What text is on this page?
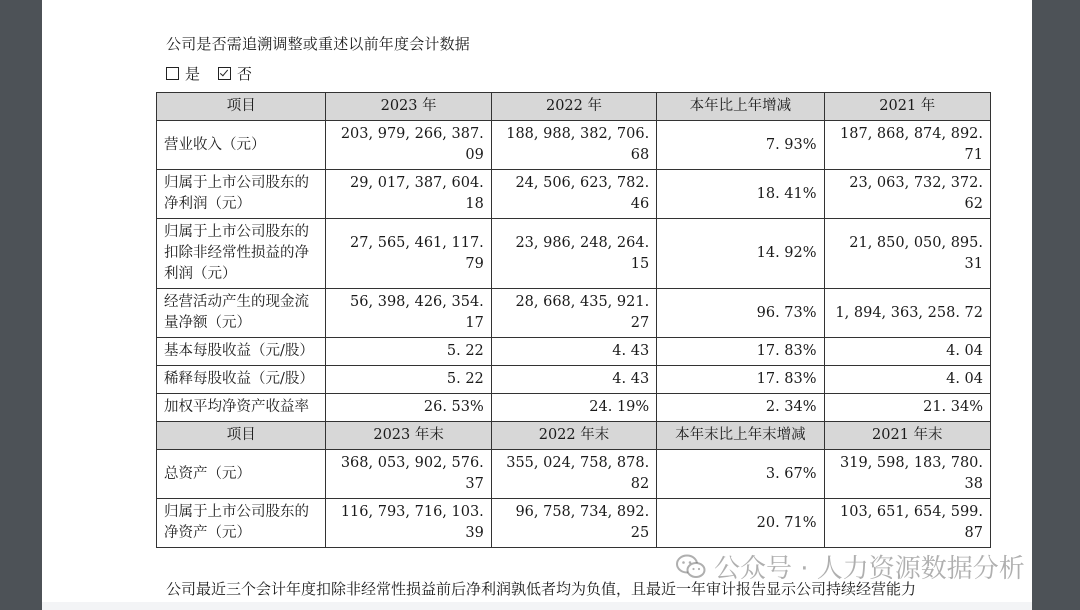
公司是否需追溯调整或重述以前年度会计数据
是 否
项目	2023 年	2022 年	本年比上年增减	2021 年
营业收入（元）	203, 979, 266, 387. 09	188, 988, 382, 706. 68	7. 93%	187, 868, 874, 892. 71
归属于上市公司股东的净利润（元）	29, 017, 387, 604. 18	24, 506, 623, 782. 46	18. 41%	23, 063, 732, 372. 62
归属于上市公司股东的扣除非经常性损益的净利润（元）	27, 565, 461, 117. 79	23, 986, 248, 264. 15	14. 92%	21, 850, 050, 895. 31
经营活动产生的现金流量净额（元）	56, 398, 426, 354. 17	28, 668, 435, 921. 27	96. 73%	1, 894, 363, 258. 72
基本每股收益（元/股）	5. 22	4. 43	17. 83%	4. 04
稀释每股收益（元/股）	5. 22	4. 43	17. 83%	4. 04
加权平均净资产收益率	26. 53%	24. 19%	2. 34%	21. 34%
项目	2023 年末	2022 年末	本年末比上年末增减	2021 年末
总资产（元）	368, 053, 902, 576. 37	355, 024, 758, 878. 82	3. 67%	319, 598, 183, 780. 38
归属于上市公司股东的净资产（元）	116, 793, 716, 103. 39	96, 758, 734, 892. 25	20. 71%	103, 651, 654, 599. 87
公司最近三个会计年度扣除非经常性损益前后净利润孰低者均为负值，且最近一年审计报告显示公司持续经营能力
公众号 · 人力资源数据分析
